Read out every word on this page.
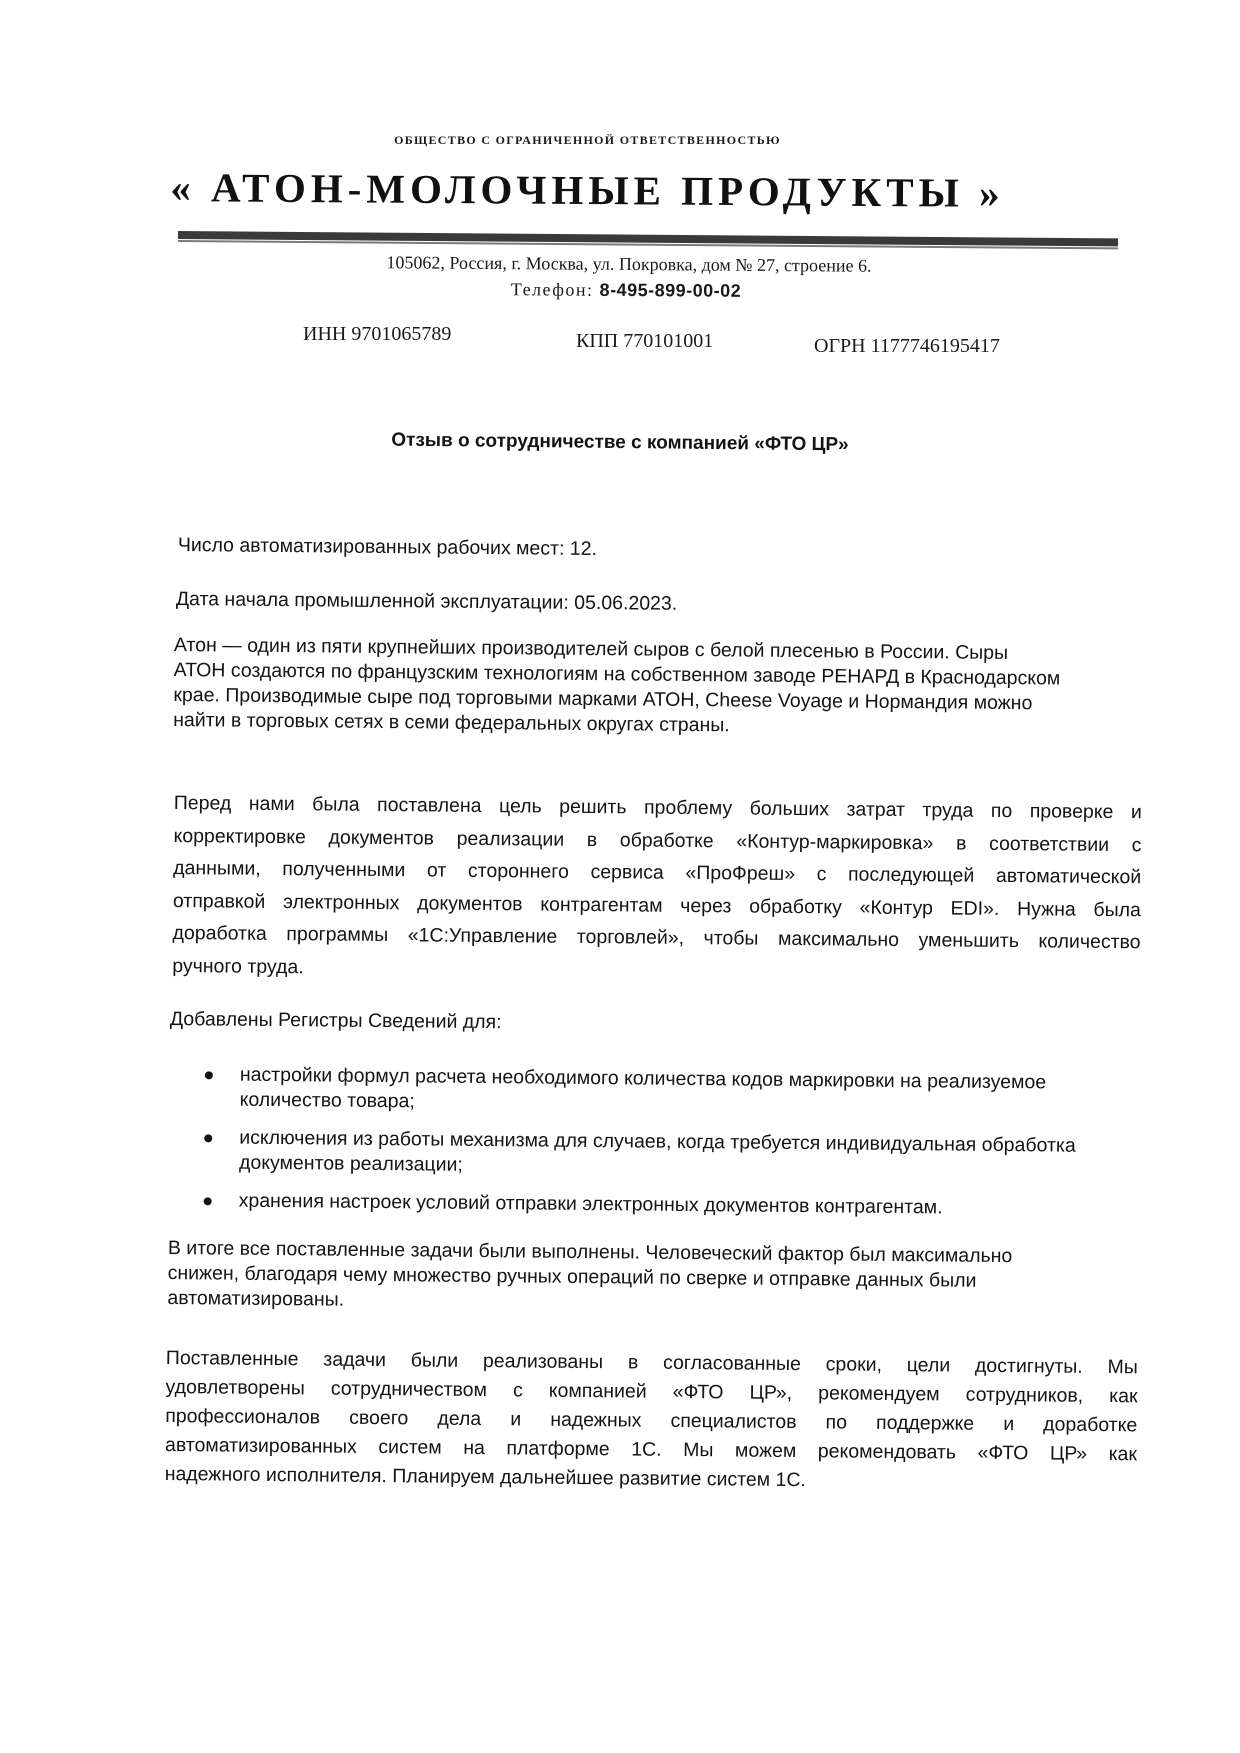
ОБЩЕСТВО С ОГРАНИЧЕННОЙ ОТВЕТСТВЕННОСТЬЮ
« АТОН-МОЛОЧНЫЕ ПРОДУКТЫ »
105062, Россия, г. Москва, ул. Покровка, дом № 27, строение 6.
Телефон: 8-495-899-00-02
ИНН 9701065789	КПП 770101001	ОГРН 1177746195417
Отзыв о сотрудничестве с компанией «ФТО ЦР»
Число автоматизированных рабочих мест: 12.
Дата начала промышленной эксплуатации: 05.06.2023.
Атон — один из пяти крупнейших производителей сыров с белой плесенью в России. Сыры
АТОН создаются по французским технологиям на собственном заводе РЕНАРД в Краснодарском
крае. Производимые сыре под торговыми марками АТОН, Cheese Voyage и Нормандия можно
найти в торговых сетях в семи федеральных округах страны.
Перед нами была поставлена цель решить проблему больших затрат труда по проверке и
корректировке документов реализации в обработке «Контур-маркировка» в соответствии с
данными, полученными от стороннего сервиса «ПроФреш» с последующей автоматической
отправкой электронных документов контрагентам через обработку «Контур EDI». Нужна была
доработка программы «1С:Управление торговлей», чтобы максимально уменьшить количество
ручного труда.
Добавлены Регистры Сведений для:
настройки формул расчета необходимого количества кодов маркировки на реализуемое количество товара;
исключения из работы механизма для случаев, когда требуется индивидуальная обработка документов реализации;
хранения настроек условий отправки электронных документов контрагентам.
В итоге все поставленные задачи были выполнены. Человеческий фактор был максимально
снижен, благодаря чему множество ручных операций по сверке и отправке данных были
автоматизированы.
Поставленные задачи были реализованы в согласованные сроки, цели достигнуты. Мы
удовлетворены сотрудничеством с компанией «ФТО ЦР», рекомендуем сотрудников, как
профессионалов своего дела и надежных специалистов по поддержке и доработке
автоматизированных систем на платформе 1С. Мы можем рекомендовать «ФТО ЦР» как
надежного исполнителя. Планируем дальнейшее развитие систем 1С.
